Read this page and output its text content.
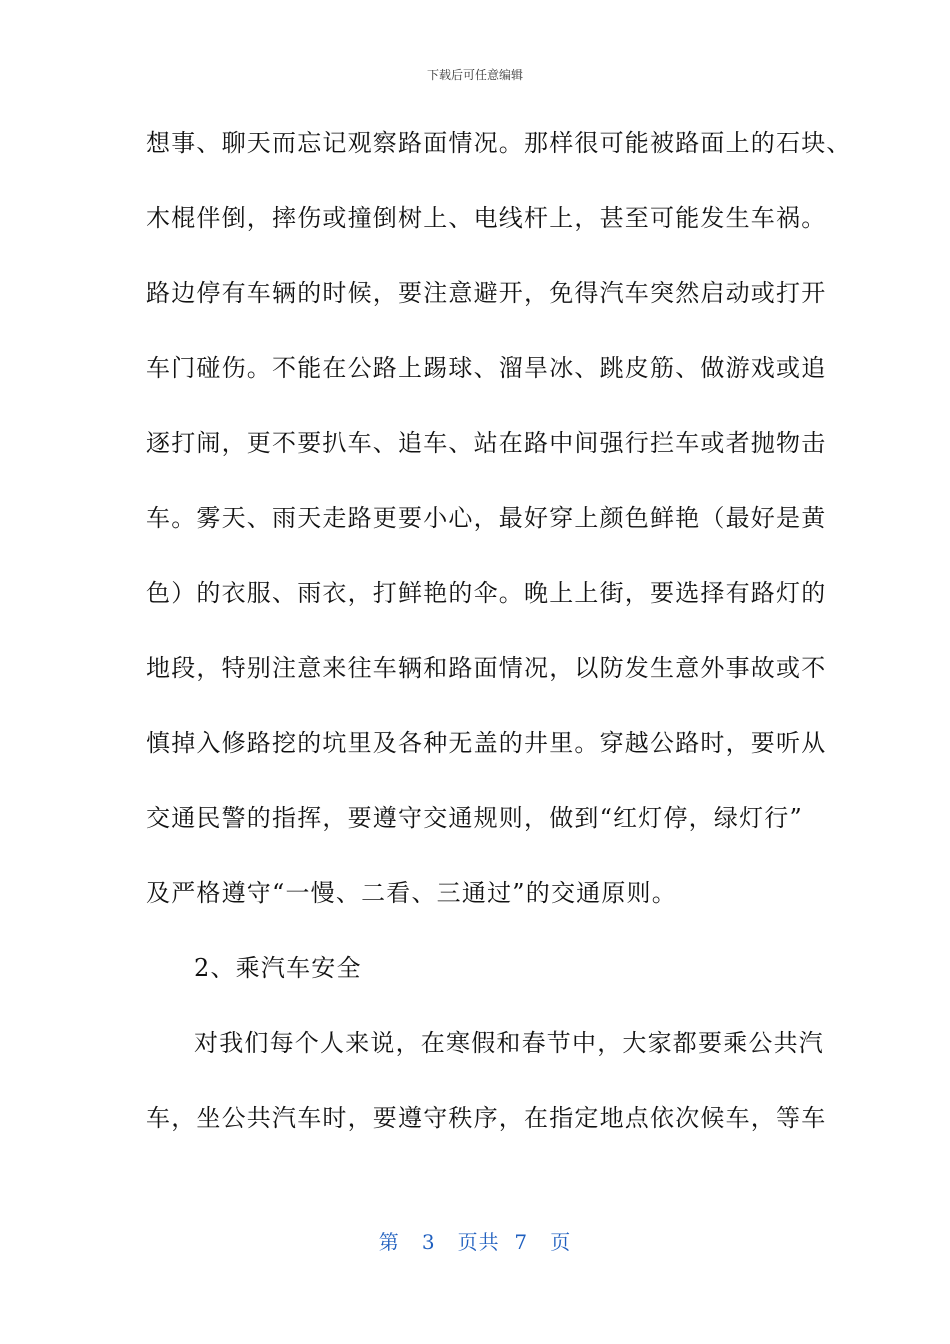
下载后可任意编辑
想事、聊天而忘记观察路面情况。那样很可能被路面上的石块、
木棍伴倒，摔伤或撞倒树上、电线杆上，甚至可能发生车祸。
路边停有车辆的时候，要注意避开，免得汽车突然启动或打开
车门碰伤。不能在公路上踢球、溜旱冰、跳皮筋、做游戏或追
逐打闹，更不要扒车、追车、站在路中间强行拦车或者抛物击
车。雾天、雨天走路更要小心，最好穿上颜色鲜艳（最好是黄
色）的衣服、雨衣，打鲜艳的伞。晚上上街，要选择有路灯的
地段，特别注意来往车辆和路面情况，以防发生意外事故或不
慎掉入修路挖的坑里及各种无盖的井里。穿越公路时，要听从
交通民警的指挥，要遵守交通规则，做到“红灯停，绿灯行”
及严格遵守“一慢、二看、三通过”的交通原则。
2、乘汽车安全
对我们每个人来说，在寒假和春节中，大家都要乘公共汽
车，坐公共汽车时，要遵守秩序，在指定地点依次候车，等车
第 3 页共 7 页
